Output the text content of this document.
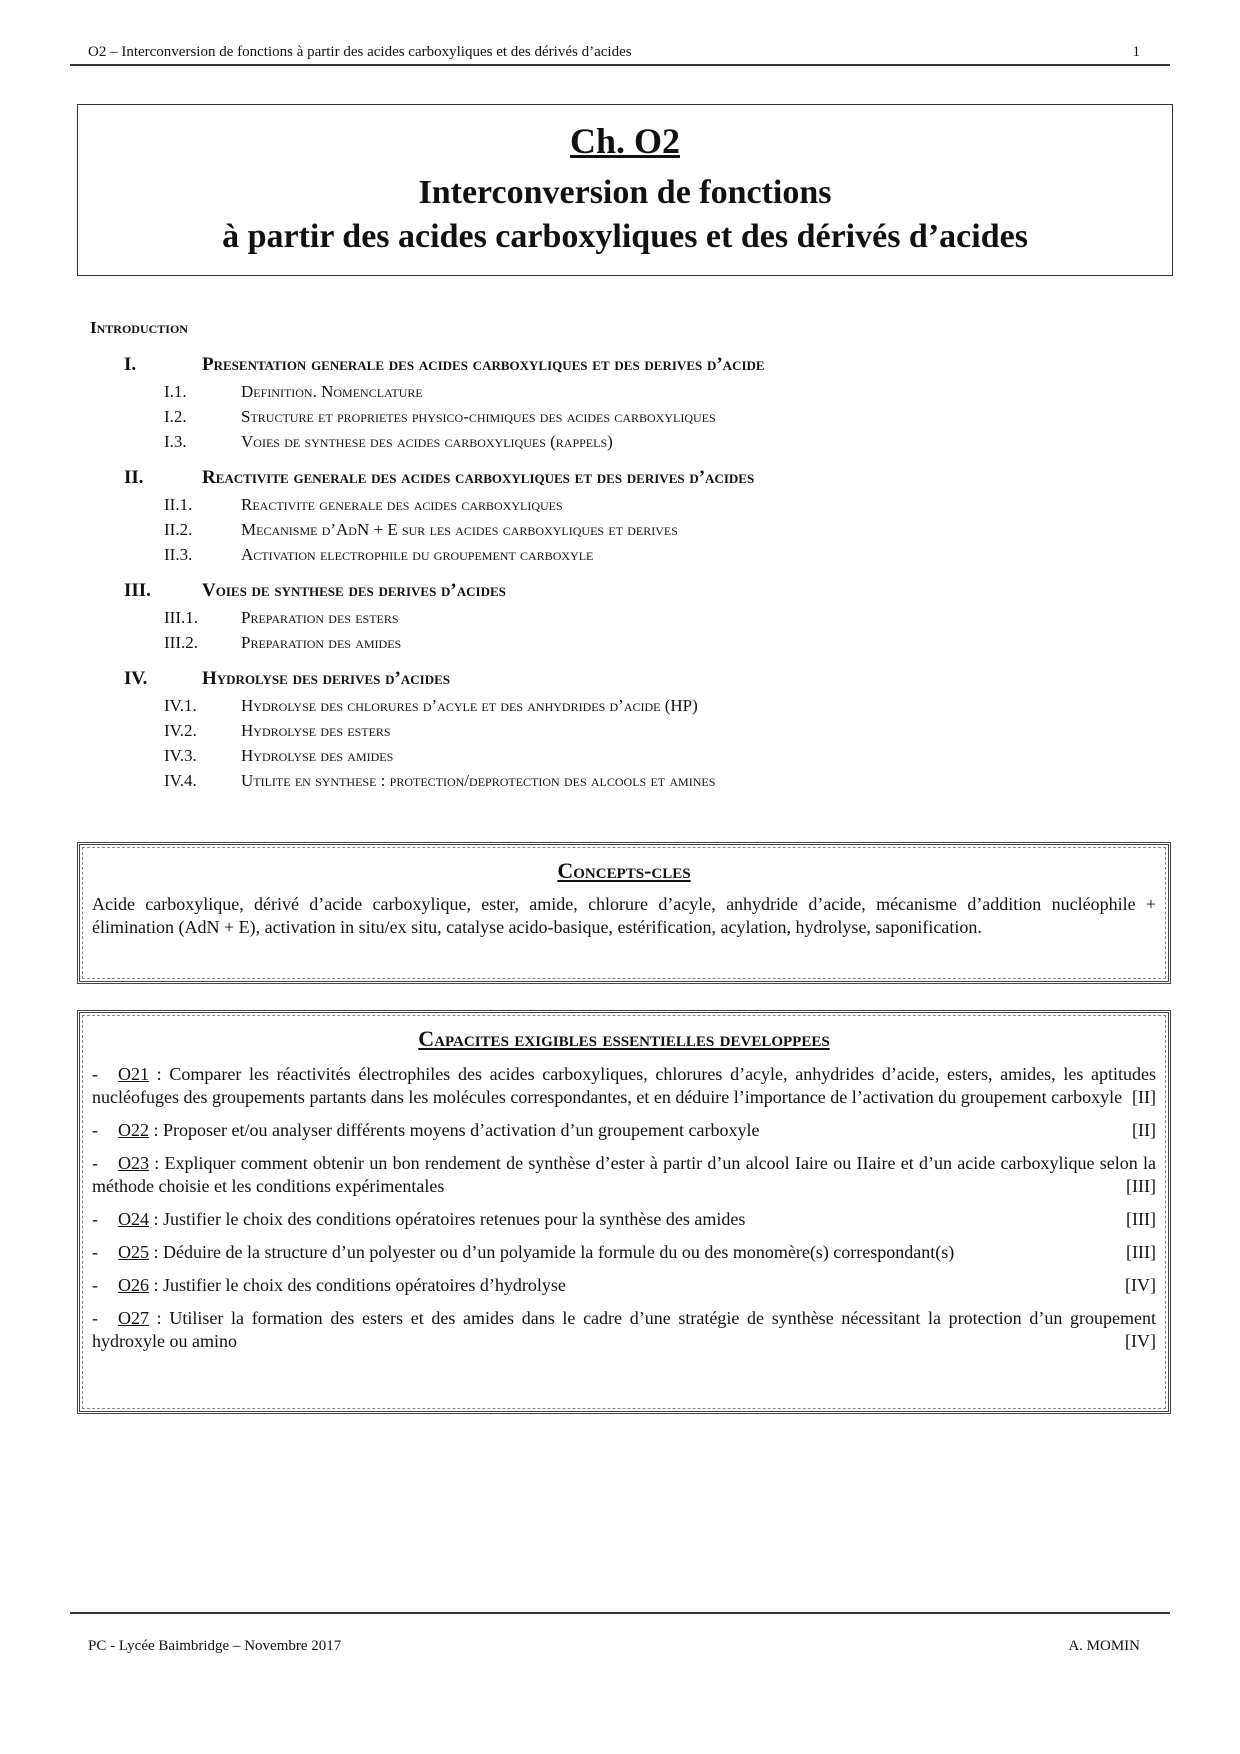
O2 – Interconversion de fonctions à partir des acides carboxyliques et des dérivés d’acides	1
Ch. O2
Interconversion de fonctions
à partir des acides carboxyliques et des dérivés d’acides
Introduction
I.	Presentation generale des acides carboxyliques et des derives d’acide
I.1.	Definition. Nomenclature
I.2.	Structure et proprietes physico-chimiques des acides carboxyliques
I.3.	Voies de synthese des acides carboxyliques (rappels)
II.	Reactivite generale des acides carboxyliques et des derives d’acides
II.1.	Reactivite generale des acides carboxyliques
II.2.	Mecanisme d’AdN + E sur les acides carboxyliques et derives
II.3.	Activation electrophile du groupement carboxyle
III.	Voies de synthese des derives d’acides
III.1.	Preparation des esters
III.2.	Preparation des amides
IV.	Hydrolyse des derives d’acides
IV.1.	Hydrolyse des chlorures d’acyle et des anhydrides d’acide (HP)
IV.2.	Hydrolyse des esters
IV.3.	Hydrolyse des amides
IV.4.	Utilite en synthese : protection/deprotection des alcools et amines
Concepts-cles
Acide carboxylique, dérivé d’acide carboxylique, ester, amide, chlorure d’acyle, anhydride d’acide, mécanisme d’addition nucléophile + élimination (AdN + E), activation in situ/ex situ, catalyse acido-basique, estérification, acylation, hydrolyse, saponification.
Capacites exigibles essentielles developpees
- O21 : Comparer les réactivités électrophiles des acides carboxyliques, chlorures d’acyle, anhydrides d’acide, esters, amides, les aptitudes nucléofuges des groupements partants dans les molécules correspondantes, et en déduire l’importance de l’activation du groupement carboxyle [II]
- O22 : Proposer et/ou analyser différents moyens d’activation d’un groupement carboxyle	[II]
- O23 : Expliquer comment obtenir un bon rendement de synthèse d’ester à partir d’un alcool Iaire ou IIaire et d’un acide carboxylique selon la méthode choisie et les conditions expérimentales	[III]
- O24 : Justifier le choix des conditions opératoires retenues pour la synthèse des amides	[III]
- O25 : Déduire de la structure d’un polyester ou d’un polyamide la formule du ou des monomère(s) correspondant(s)	[III]
- O26 : Justifier le choix des conditions opératoires d’hydrolyse	[IV]
- O27 : Utiliser la formation des esters et des amides dans le cadre d’une stratégie de synthèse nécessitant la protection d’un groupement hydroxyle ou amino	[IV]
PC - Lycée Baimbridge – Novembre 2017	A. MOMIN
